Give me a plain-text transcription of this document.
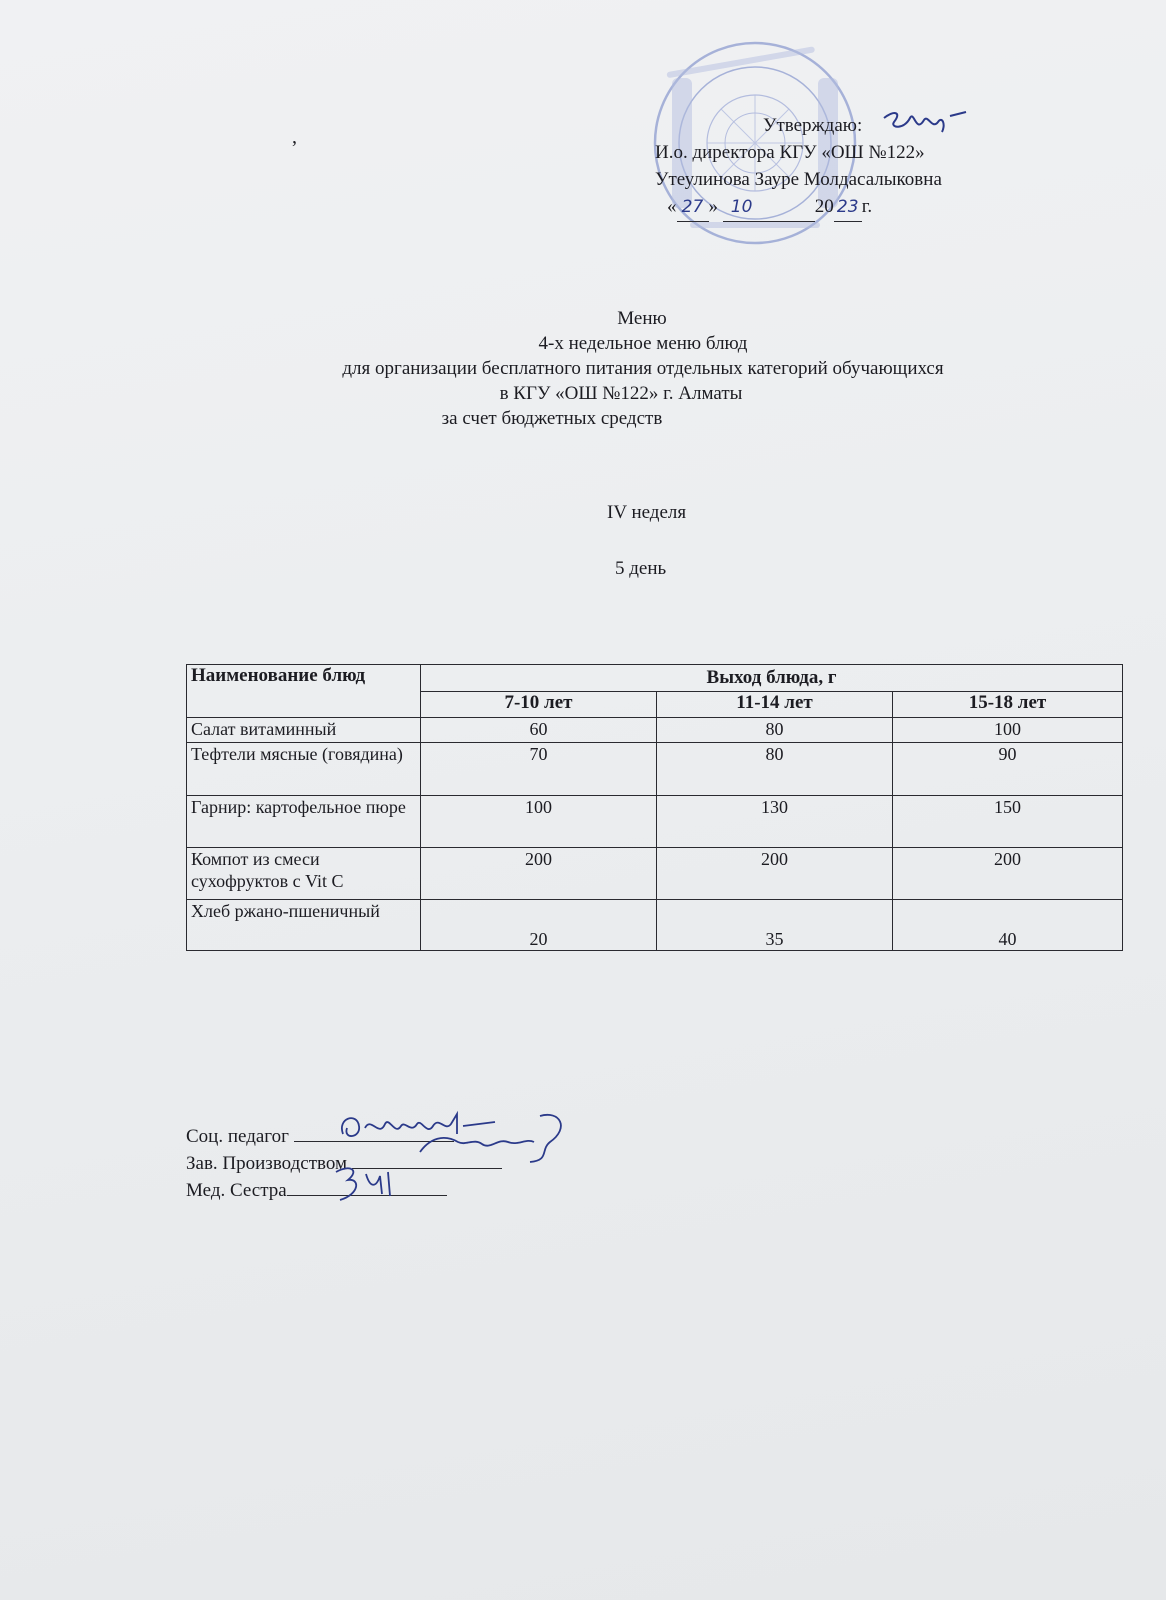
,
Утверждаю:
И.о. директора КГУ «ОШ №122»
Утеулинова Зауре Молдасалыковна
« 27 » 10	20 23 г.
Меню
4-х недельное меню блюд
для организации бесплатного питания отдельных категорий обучающихся
в КГУ «ОШ №122» г. Алматы
за счет бюджетных средств
IV неделя
5 день
Наименование блюд	Выход блюда, г		
	7-10 лет	11-14 лет	15-18 лет
Салат витаминный	60	80	100
Тефтели мясные (говядина)	70	80	90
Гарнир: картофельное пюре	100	130	150
Компот из смеси сухофруктов с Vit C	200	200	200
Хлеб ржано-пшеничный	20	35	40
Соц. педагог
Зав. Производством
Мед. Сестра
